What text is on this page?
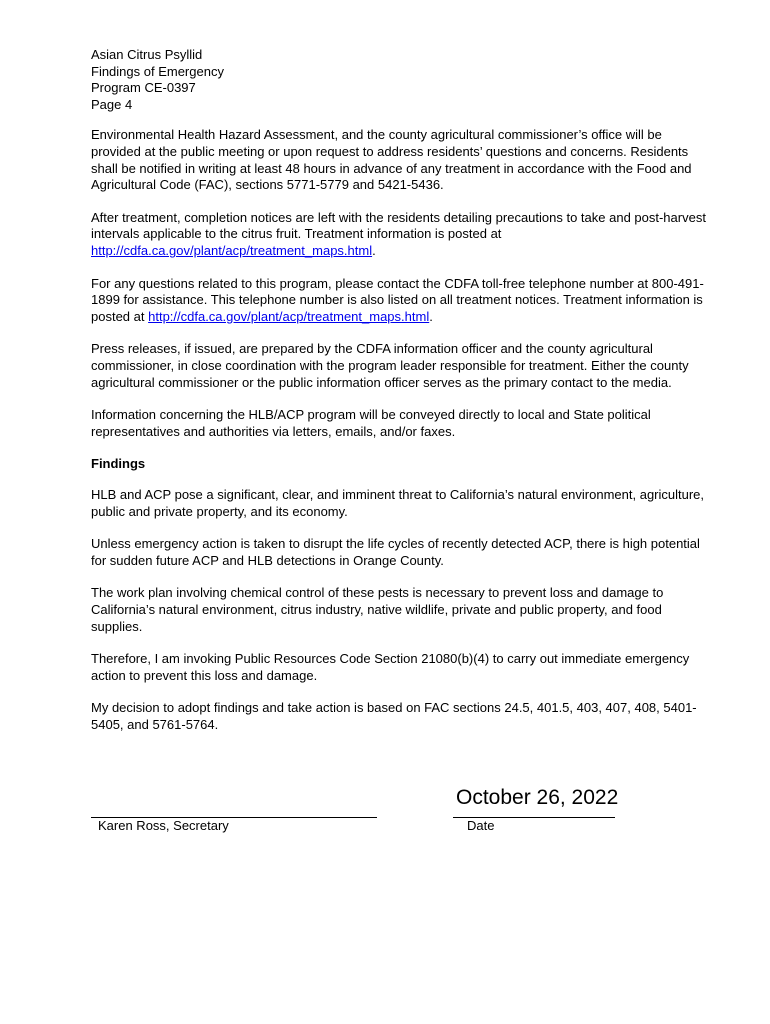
Asian Citrus Psyllid
Findings of Emergency
Program CE-0397
Page 4

Environmental Health Hazard Assessment, and the county agricultural commissioner’s office will be provided at the public meeting or upon request to address residents’ questions and concerns. Residents shall be notified in writing at least 48 hours in advance of any treatment in accordance with the Food and Agricultural Code (FAC), sections 5771-5779 and 5421-5436.

After treatment, completion notices are left with the residents detailing precautions to take and post-harvest intervals applicable to the citrus fruit. Treatment information is posted at http://cdfa.ca.gov/plant/acp/treatment_maps.html.

For any questions related to this program, please contact the CDFA toll-free telephone number at 800-491-1899 for assistance. This telephone number is also listed on all treatment notices. Treatment information is posted at http://cdfa.ca.gov/plant/acp/treatment_maps.html.

Press releases, if issued, are prepared by the CDFA information officer and the county agricultural commissioner, in close coordination with the program leader responsible for treatment. Either the county agricultural commissioner or the public information officer serves as the primary contact to the media.

Information concerning the HLB/ACP program will be conveyed directly to local and State political representatives and authorities via letters, emails, and/or faxes.

Findings

HLB and ACP pose a significant, clear, and imminent threat to California’s natural environment, agriculture, public and private property, and its economy.

Unless emergency action is taken to disrupt the life cycles of recently detected ACP, there is high potential for sudden future ACP and HLB detections in Orange County.

The work plan involving chemical control of these pests is necessary to prevent loss and damage to California’s natural environment, citrus industry, native wildlife, private and public property, and food supplies.

Therefore, I am invoking Public Resources Code Section 21080(b)(4) to carry out immediate emergency action to prevent this loss and damage.

My decision to adopt findings and take action is based on FAC sections 24.5, 401.5, 403, 407, 408, 5401-5405, and 5761-5764.

October 26, 2022
Karen Ross, Secretary	Date
